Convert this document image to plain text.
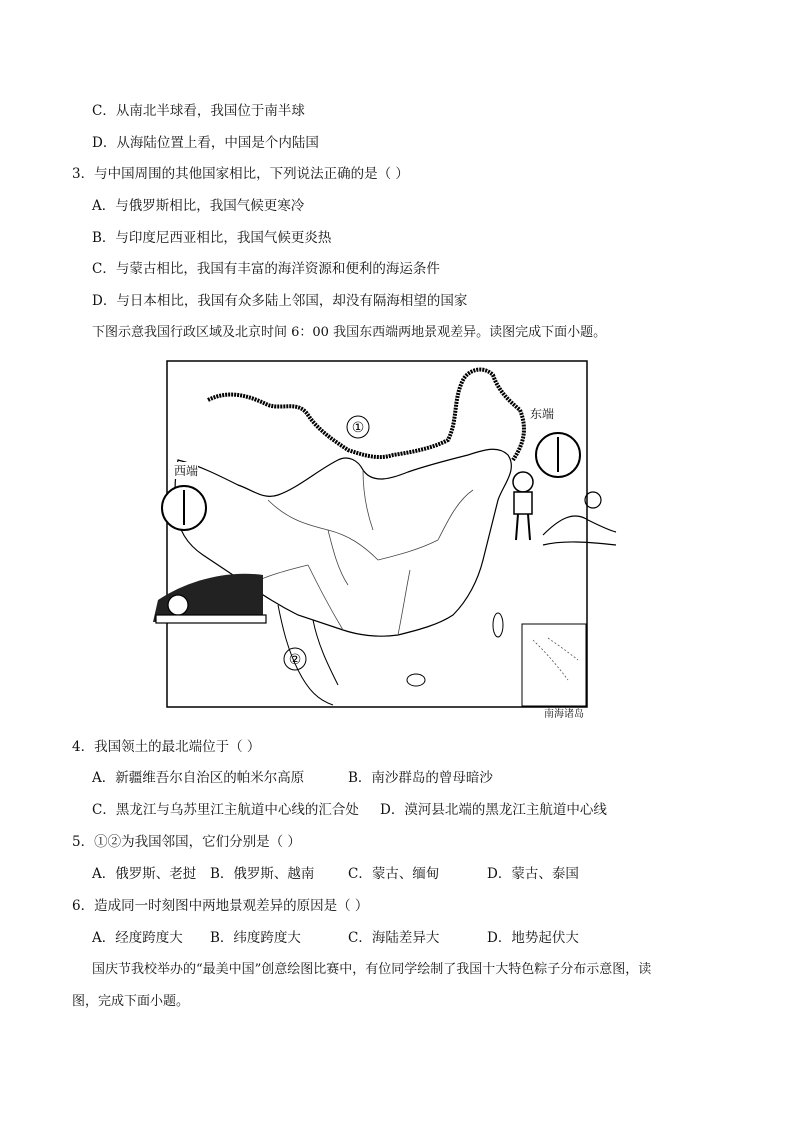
C．从南北半球看，我国位于南半球
D．从海陆位置上看，中国是个内陆国
3．与中国周围的其他国家相比，下列说法正确的是（ ）
A．与俄罗斯相比，我国气候更寒冷
B．与印度尼西亚相比，我国气候更炎热
C．与蒙古相比，我国有丰富的海洋资源和便利的海运条件
D．与日本相比，我国有众多陆上邻国，却没有隔海相望的国家
下图示意我国行政区域及北京时间 6：00 我国东西端两地景观差异。读图完成下面小题。
①
②
东端
西端
南海诸岛
4．我国领土的最北端位于（ ）
A．新疆维吾尔自治区的帕米尔高原	B．南沙群岛的曾母暗沙
C．黑龙江与乌苏里江主航道中心线的汇合处 D．漠河县北端的黑龙江主航道中心线
5．①②为我国邻国，它们分别是（ ）
A．俄罗斯、老挝 B．俄罗斯、越南 C．蒙古、缅甸	D．蒙古、泰国
6．造成同一时刻图中两地景观差异的原因是（ ）
A．经度跨度大 B．纬度跨度大	C．海陆差异大	D．地势起伏大
国庆节我校举办的“最美中国”创意绘图比赛中，有位同学绘制了我国十大特色粽子分布示意图，读
图，完成下面小题。
